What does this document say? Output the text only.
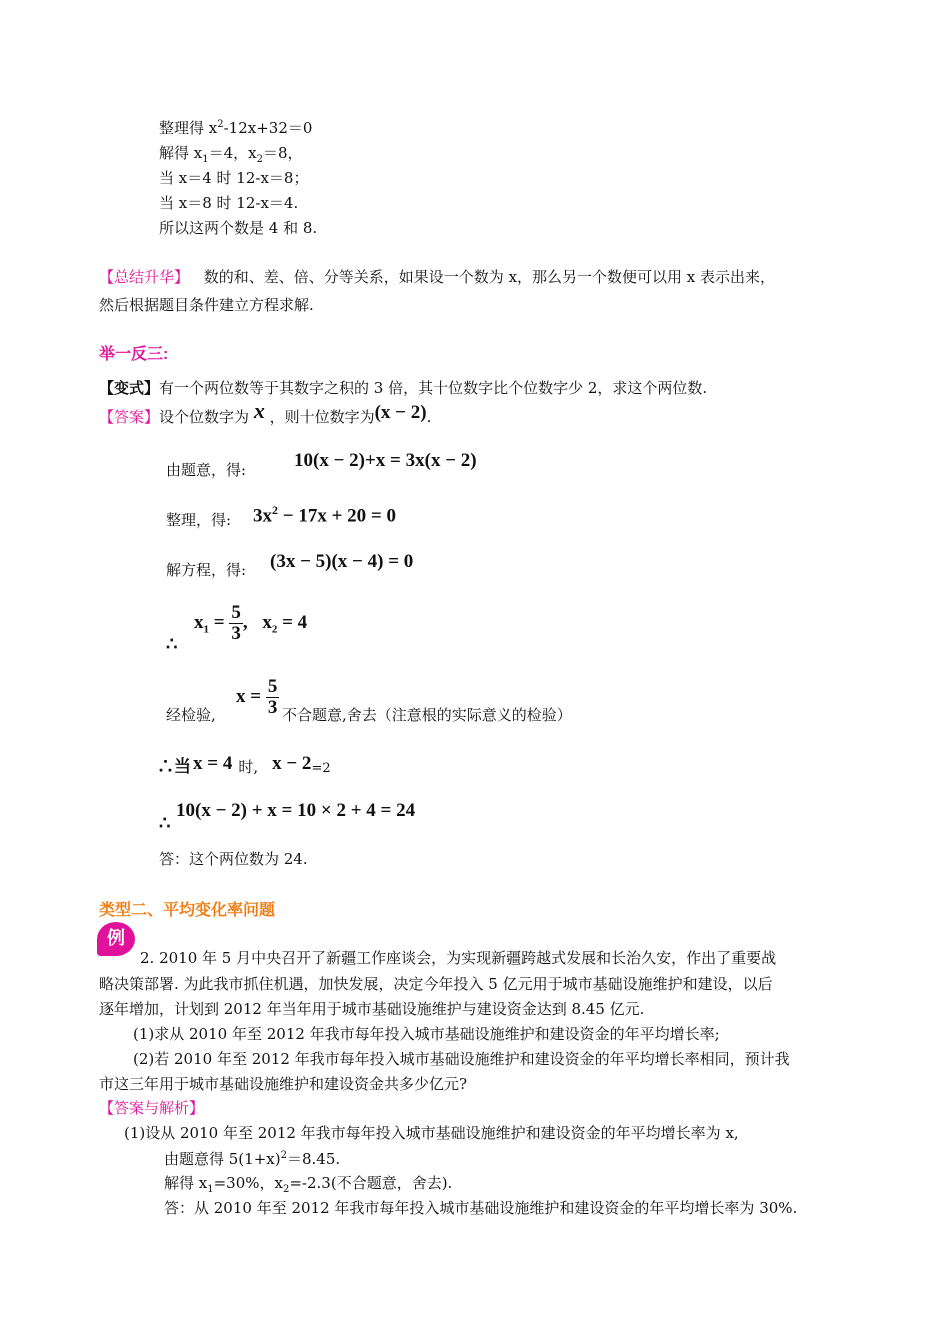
整理得 $x^2-12x+32=0$
解得 $x_1=4$，$x_2=8$，
当 x＝4 时 12-x＝8；
当 x＝8 时 12-x＝4.
所以这两个数是 4 和 8.
【总结升华】 数的和、差、倍、分等关系，如果设一个数为 x，那么另一个数便可以用 x 表示出来，
然后根据题目条件建立方程求解.
举一反三:
【变式】有一个两位数等于其数字之积的 3 倍，其十位数字比个位数字少 2，求这个两位数.
【答案】设个位数字为 x ，则十位数字为(x − 2).
由题意，得:	10(x − 2)+x = 3x(x − 2)
整理，得: $3x^2 - 17x + 20 = 0$
解方程，得: (3x − 5)(x − 4) = 0
∴
$x_1 = \frac{5}{3}$ , $x_2 = 4$
经检验,
$x = \frac{5}{3}$ 不合题意,舍去（注意根的实际意义的检验）
∴当 x = 4 时, x − 2=2
∴
10(x − 2) + x = 10 × 2 + 4 = 24
答：这个两位数为 24.
类型二、平均变化率问题
例
2. 2010 年 5 月中央召开了新疆工作座谈会，为实现新疆跨越式发展和长治久安，作出了重要战
略决策部署. 为此我市抓住机遇，加快发展，决定今年投入 5 亿元用于城市基础设施维护和建设，以后
逐年增加，计划到 2012 年当年用于城市基础设施维护与建设资金达到 8.45 亿元.
(1)求从 2010 年至 2012 年我市每年投入城市基础设施维护和建设资金的年平均增长率;
(2)若 2010 年至 2012 年我市每年投入城市基础设施维护和建设资金的年平均增长率相同，预计我
市这三年用于城市基础设施维护和建设资金共多少亿元?
【答案与解析】
(1)设从 2010 年至 2012 年我市每年投入城市基础设施维护和建设资金的年平均增长率为 x,
由题意得 $5(1+x)^2=8.45$.
解得 $x_1=30\%$，$x_2=-2.3$(不合题意，舍去).
答：从 2010 年至 2012 年我市每年投入城市基础设施维护和建设资金的年平均增长率为 30%.
